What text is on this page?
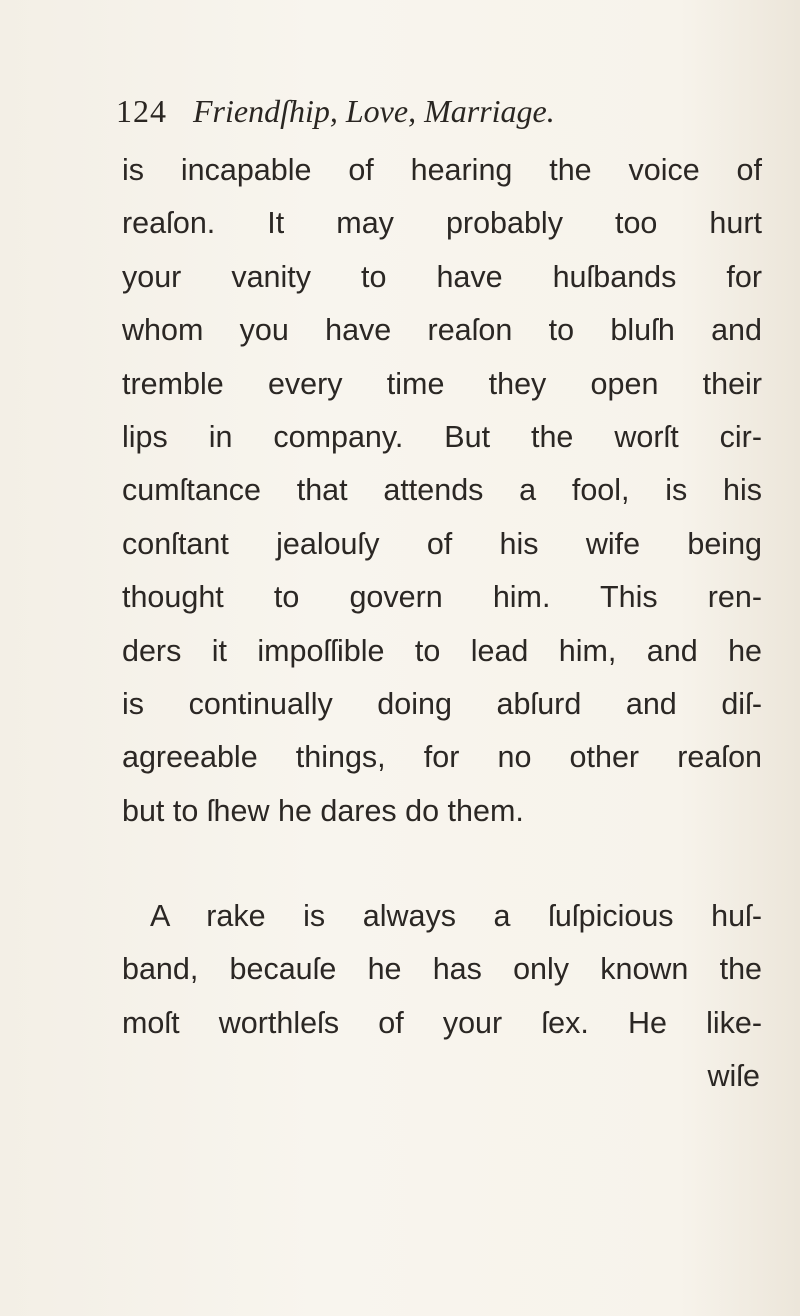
124 Friendſhip, Love, Marriage.
is incapable of hearing the voice of
reaſon. It may probably too hurt
your vanity to have huſbands for
whom you have reaſon to bluſh and
tremble every time they open their
lips in company. But the worſt cir-
cumſtance that attends a fool, is his
conſtant jealouſy of his wife being
thought to govern him. This ren-
ders it impoſſible to lead him, and he
is continually doing abſurd and diſ-
agreeable things, for no other reaſon
but to ſhew he dares do them.
A rake is always a ſuſpicious huſ-
band, becauſe he has only known the
moſt worthleſs of your ſex. He like-
wiſe
